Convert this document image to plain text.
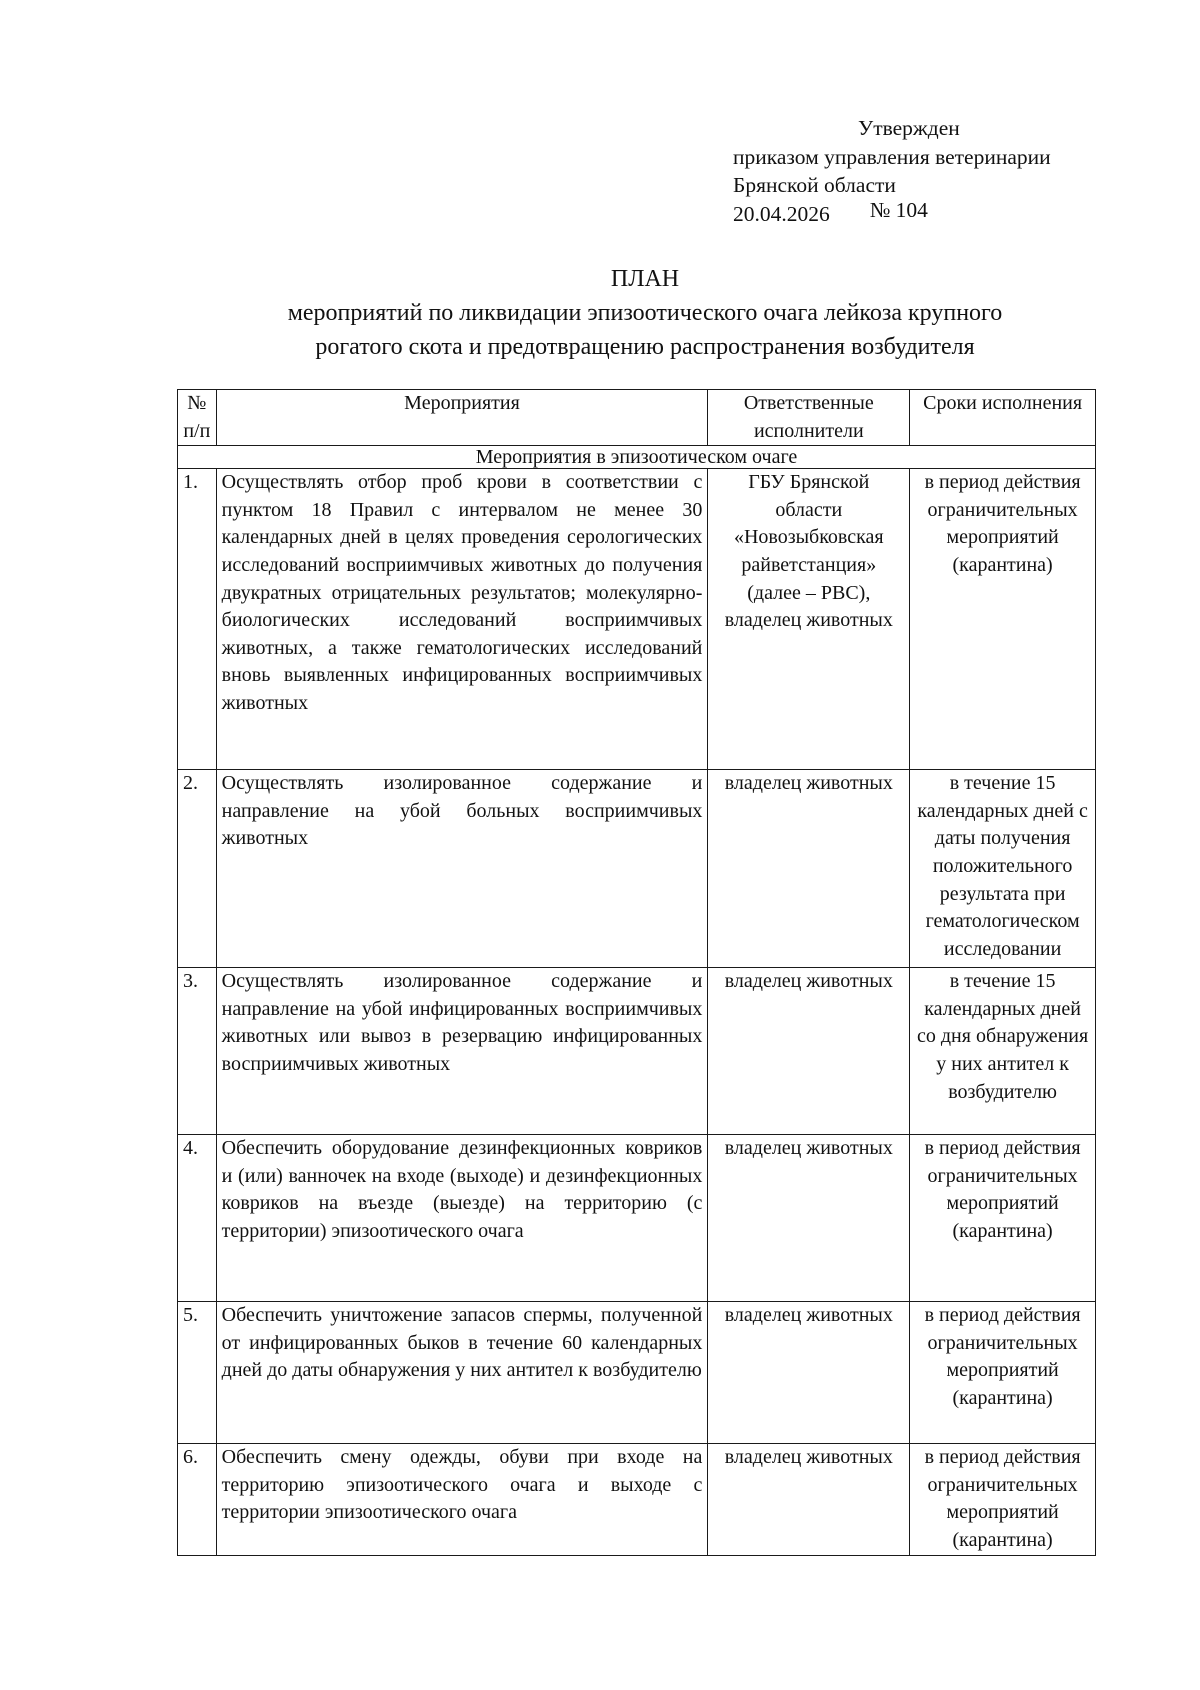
Утвержден
приказом управления ветеринарии
Брянской области
20.04.2026 № 104
ПЛАН
мероприятий по ликвидации эпизоотического очага лейкоза крупного
рогатого скота и предотвращению распространения возбудителя
№ п/п	Мероприятия	Ответственные исполнители	Сроки исполнения
Мероприятия в эпизоотическом очаге			
1.	Осуществлять отбор проб крови в соответствии с пунктом 18 Правил с интервалом не менее 30 календарных дней в целях проведения серологических исследований восприимчивых животных до получения двукратных отрицательных результатов; молекулярно-биологических исследований восприимчивых животных, а также гематологических исследований вновь выявленных инфицированных восприимчивых животных	ГБУ Брянской области «Новозыбковская райветстанция» (далее – РВС), владелец животных	в период действия ограничительных мероприятий (карантина)
2.	Осуществлять изолированное содержание и направление на убой больных восприимчивых животных	владелец животных	в течение 15 календарных дней с даты получения положительного результата при гематологическом исследовании
3.	Осуществлять изолированное содержание и направление на убой инфицированных восприимчивых животных или вывоз в резервацию инфицированных восприимчивых животных	владелец животных	в течение 15 календарных дней со дня обнаружения у них антител к возбудителю
4.	Обеспечить оборудование дезинфекционных ковриков и (или) ванночек на входе (выходе) и дезинфекционных ковриков на въезде (выезде) на территорию (с территории) эпизоотического очага	владелец животных	в период действия ограничительных мероприятий (карантина)
5.	Обеспечить уничтожение запасов спермы, полученной от инфицированных быков в течение 60 календарных дней до даты обнаружения у них антител к возбудителю	владелец животных	в период действия ограничительных мероприятий (карантина)
6.	Обеспечить смену одежды, обуви при входе на территорию эпизоотического очага и выходе с территории эпизоотического очага	владелец животных	в период действия ограничительных мероприятий (карантина)
